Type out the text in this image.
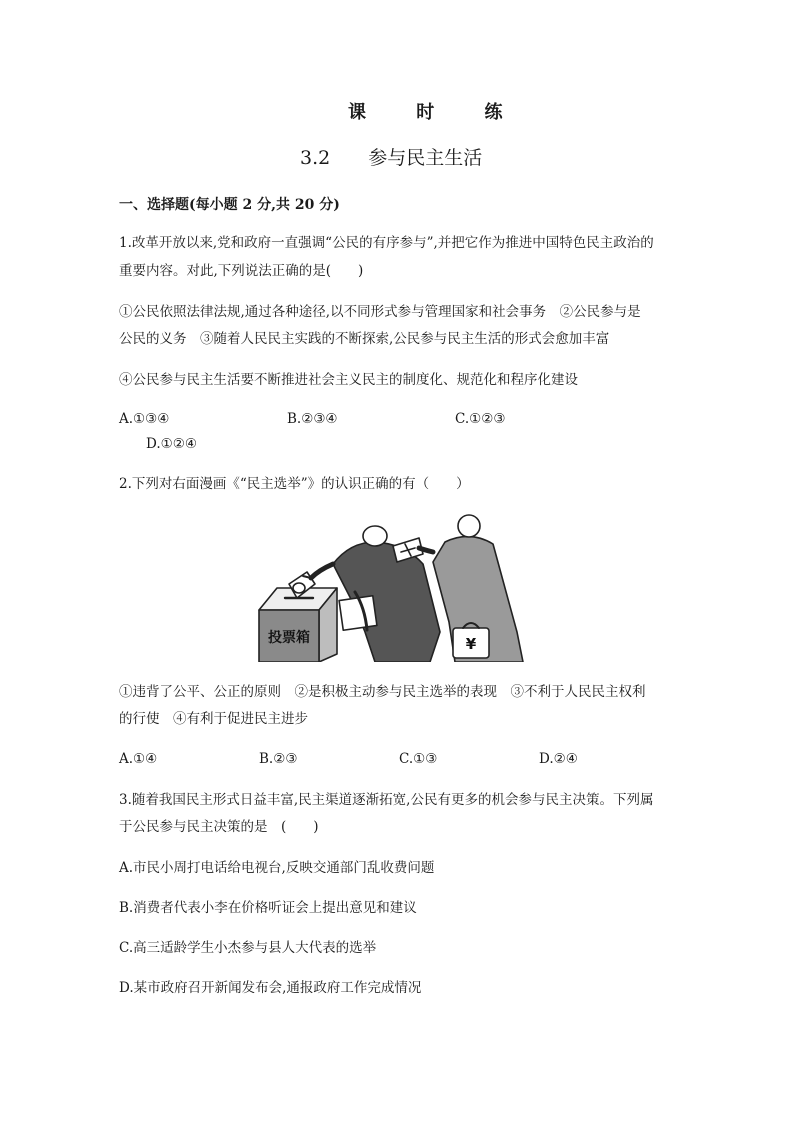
课 时 练
3.2　　参与民主生活
一、选择题(每小题 2 分,共 20 分)
1.改革开放以来,党和政府一直强调“公民的有序参与”,并把它作为推进中国特色民主政治的
重要内容。对此,下列说法正确的是(　　)
①公民依照法律法规,通过各种途径,以不同形式参与管理国家和社会事务　②公民参与是
公民的义务　③随着人民民主实践的不断探索,公民参与民主生活的形式会愈加丰富
④公民参与民主生活要不断推进社会主义民主的制度化、规范化和程序化建设
A.①③④	B.②③④	C.①②③
D.①②④
2.下列对右面漫画《“民主选举”》的认识正确的有（　　）
投票箱	¥
①违背了公平、公正的原则　②是积极主动参与民主选举的表现　③不利于人民民主权利
的行使　④有利于促进民主进步
A.①④	B.②③	C.①③	D.②④
3.随着我国民主形式日益丰富,民主渠道逐渐拓宽,公民有更多的机会参与民主决策。下列属
于公民参与民主决策的是　(　　)
A.市民小周打电话给电视台,反映交通部门乱收费问题
B.消费者代表小李在价格听证会上提出意见和建议
C.高三适龄学生小杰参与县人大代表的选举
D.某市政府召开新闻发布会,通报政府工作完成情况
